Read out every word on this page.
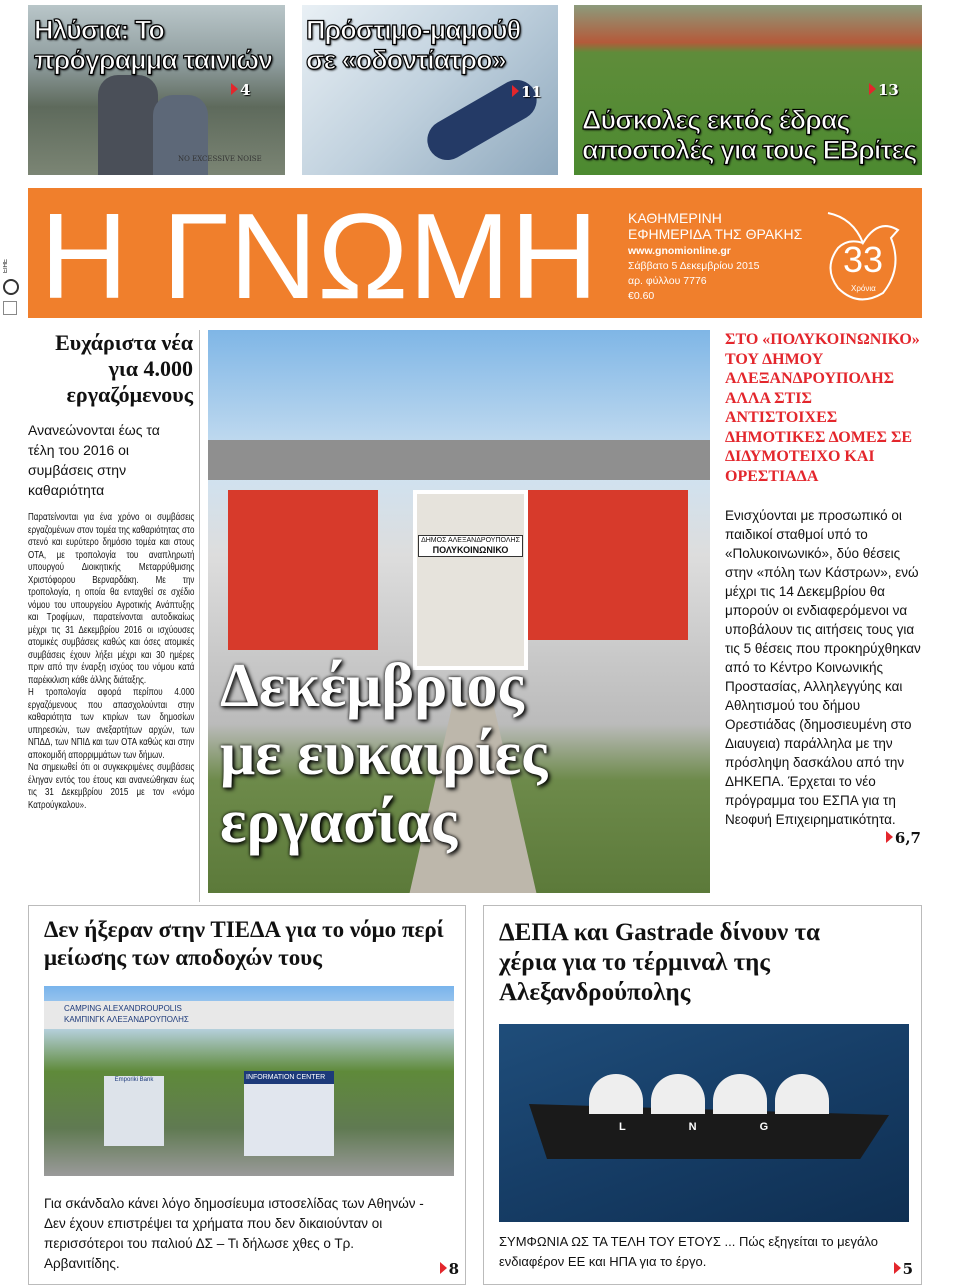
NO EXCESSIVE NOISE
Ηλύσια: Το πρόγραμμα ταινιών
4
Πρόστιμο-μαμούθ σε «οδοντίατρο»
11
Δύσκολες εκτός έδρας αποστολές για τους ΕΒρίτες
13
ΕΙΗΕ Η ΓΝΩΜΗ ΚΑΘΗΜΕΡΙΝΗ
ΕΦΗΜΕΡΙΔΑ ΤΗΣ ΘΡΑΚΗΣ
www.gnomionline.gr
Σάββατο 5 Δεκεμβρίου 2015
αρ. φύλλου 7776
€0.60
33
Χρόνια
Ευχάριστα νέα για 4.000 εργαζόμενους
Ανανεώνονται έως τα τέλη του 2016 οι συμβάσεις στην καθαριότητα

Παρατείνονται για ένα χρόνο οι συμβάσεις εργαζομένων στον τομέα της καθαριότητας στο στενό και ευρύτερο δημόσιο τομέα και στους ΟΤΑ, με τροπολογία του αναπληρωτή υπουργού Διοικητικής Μεταρρύθμισης Χριστόφορου Βερναρδάκη. Με την τροπολογία, η οποία θα ενταχθεί σε σχέδιο νόμου του υπουργείου Αγροτικής Ανάπτυξης και Τροφίμων, παρατείνονται αυτοδικαίως μέχρι τις 31 Δεκεμβρίου 2016 οι ισχύουσες ατομικές συμβάσεις καθώς και όσες ατομικές συμβάσεις έχουν λήξει μέχρι και 30 ημέρες πριν από την έναρξη ισχύος του νόμου κατά παρέκκλιση κάθε άλλης διάταξης.

Η τροπολογία αφορά περίπου 4.000 εργαζόμενους που απασχολούνται στην καθαριότητα των κτιρίων των δημοσίων υπηρεσιών, των ανεξαρτήτων αρχών, των ΝΠΔΔ, των ΝΠΙΔ και των ΟΤΑ καθώς και στην αποκομιδή απορριμμάτων των δήμων.

Να σημειωθεί ότι οι συγκεκριμένες συμβάσεις έληγαν εντός του έτους και ανανεώθηκαν έως τις 31 Δεκεμβρίου 2015 με τον «νόμο Κατρούγκαλου».

ΔΗΜΟΣ ΑΛΕΞΑΝΔΡΟΥΠΟΛΗΣ
ΠΟΛΥΚΟΙΝΩΝΙΚΟ
Δεκέμβριος
με ευκαιρίες
εργασίας
ΣΤΟ «ΠΟΛΥΚΟΙΝΩΝΙΚΟ» ΤΟΥ ΔΗΜΟΥ ΑΛΕΞΑΝΔΡΟΥΠΟΛΗΣ ΑΛΛΑ ΣΤΙΣ ΑΝΤΙΣΤΟΙΧΕΣ ΔΗΜΟΤΙΚΕΣ ΔΟΜΕΣ ΣΕ ΔΙΔΥΜΟΤΕΙΧΟ ΚΑΙ ΟΡΕΣΤΙΑΔΑ
Ενισχύονται με προσωπικό οι παιδικοί σταθμοί υπό το «Πολυκοινωνικό», δύο θέσεις στην «πόλη των Κάστρων», ενώ μέχρι τις 14 Δεκεμβρίου θα μπορούν οι ενδιαφερόμενοι να υποβάλουν τις αιτήσεις τους για τις 5 θέσεις που προκηρύχθηκαν από το Κέντρο Κοινωνικής Προστασίας, Αλληλεγγύης και Αθλητισμού του δήμου Ορεστιάδας (δημοσιευμένη στο Διαυγεια) παράλληλα με την πρόσληψη δασκάλου από την ΔΗΚΕΠΑ. Έρχεται το νέο πρόγραμμα του ΕΣΠΑ για τη Νεοφυή Επιχειρηματικότητα.
6,7
Δεν ήξεραν στην ΤΙΕΔΑ για το νόμο περί μείωσης των αποδοχών τους
CAMPING ALEXANDROUPOLIS
ΚΑΜΠΙΝΓΚ ΑΛΕΞΑΝΔΡΟΥΠΟΛΗΣ
Emporiki Bank	INFORMATION CENTER
Για σκάνδαλο κάνει λόγο δημοσίευμα ιστοσελίδας των Αθηνών - Δεν έχουν επιστρέψει τα χρήματα που δεν δικαιούνταν οι περισσότεροι του παλιού ΔΣ – Τι δήλωσε χθες ο Τρ. Αρβανιτίδης.	8
ΔΕΠΑ και Gastrade δίνουν τα χέρια για το τέρμιναλ της Αλεξανδρούπολης
L N G
ΣΥΜΦΩΝΙΑ ΩΣ ΤΑ ΤΕΛΗ ΤΟΥ ΕΤΟΥΣ ... Πώς εξηγείται το μεγάλο ενδιαφέρον ΕΕ και ΗΠΑ για το έργο.	5
